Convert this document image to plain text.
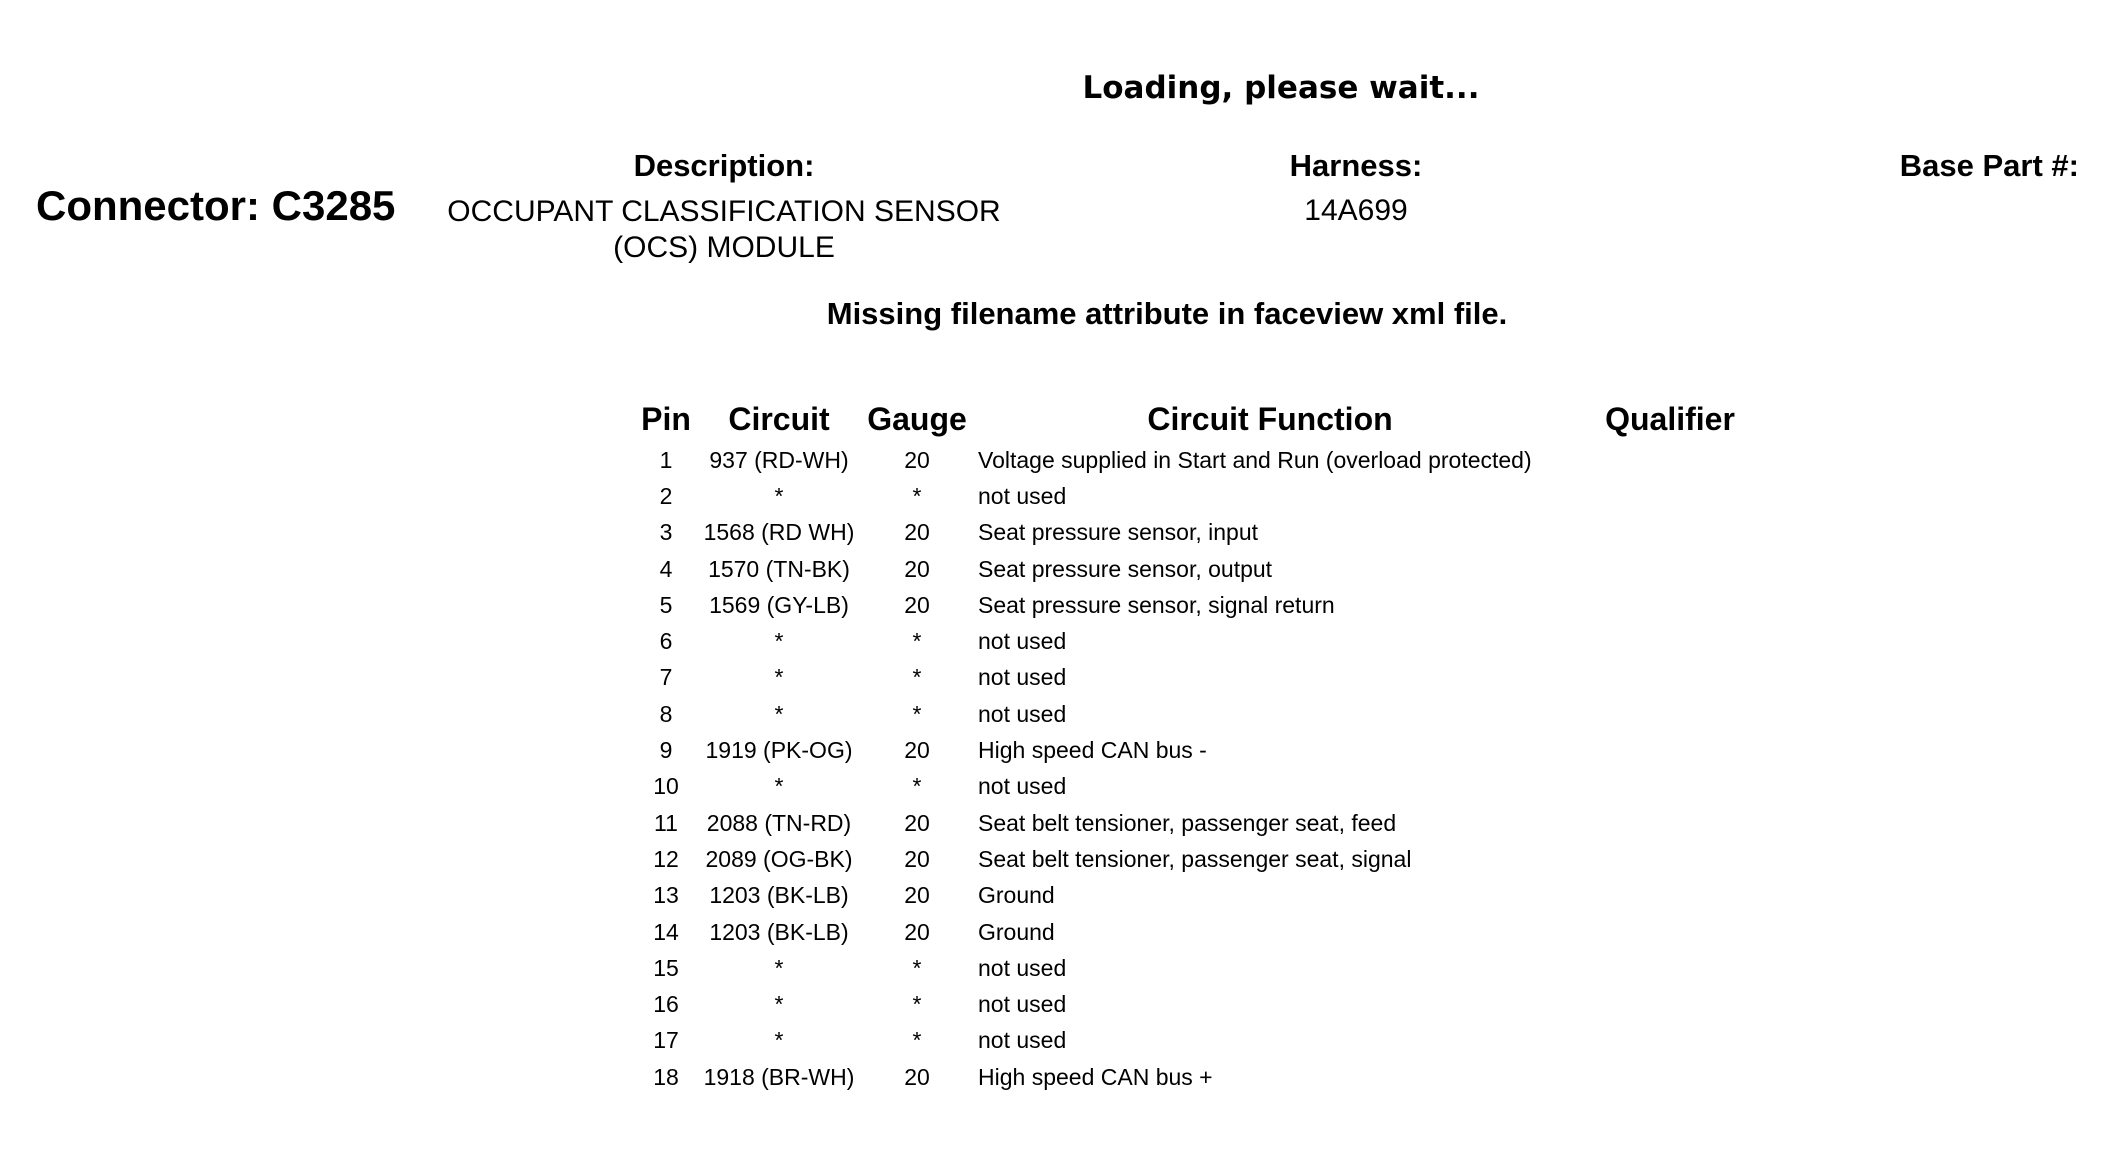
Loading, please wait...
Connector: C3285
Description:	Harness:	Base Part #:
OCCUPANT CLASSIFICATION SENSOR
(OCS) MODULE
14A699
Missing filename attribute in faceview xml file.
Pin	Circuit	Gauge	Circuit Function	Qualifier
1	937 (RD-WH)	20	Voltage supplied in Start and Run (overload protected)	
2	*	*	not used	
3	1568 (RD WH)	20	Seat pressure sensor, input	
4	1570 (TN-BK)	20	Seat pressure sensor, output	
5	1569 (GY-LB)	20	Seat pressure sensor, signal return	
6	*	*	not used	
7	*	*	not used	
8	*	*	not used	
9	1919 (PK-OG)	20	High speed CAN bus -	
10	*	*	not used	
11	2088 (TN-RD)	20	Seat belt tensioner, passenger seat, feed	
12	2089 (OG-BK)	20	Seat belt tensioner, passenger seat, signal	
13	1203 (BK-LB)	20	Ground	
14	1203 (BK-LB)	20	Ground	
15	*	*	not used	
16	*	*	not used	
17	*	*	not used	
18	1918 (BR-WH)	20	High speed CAN bus +	
